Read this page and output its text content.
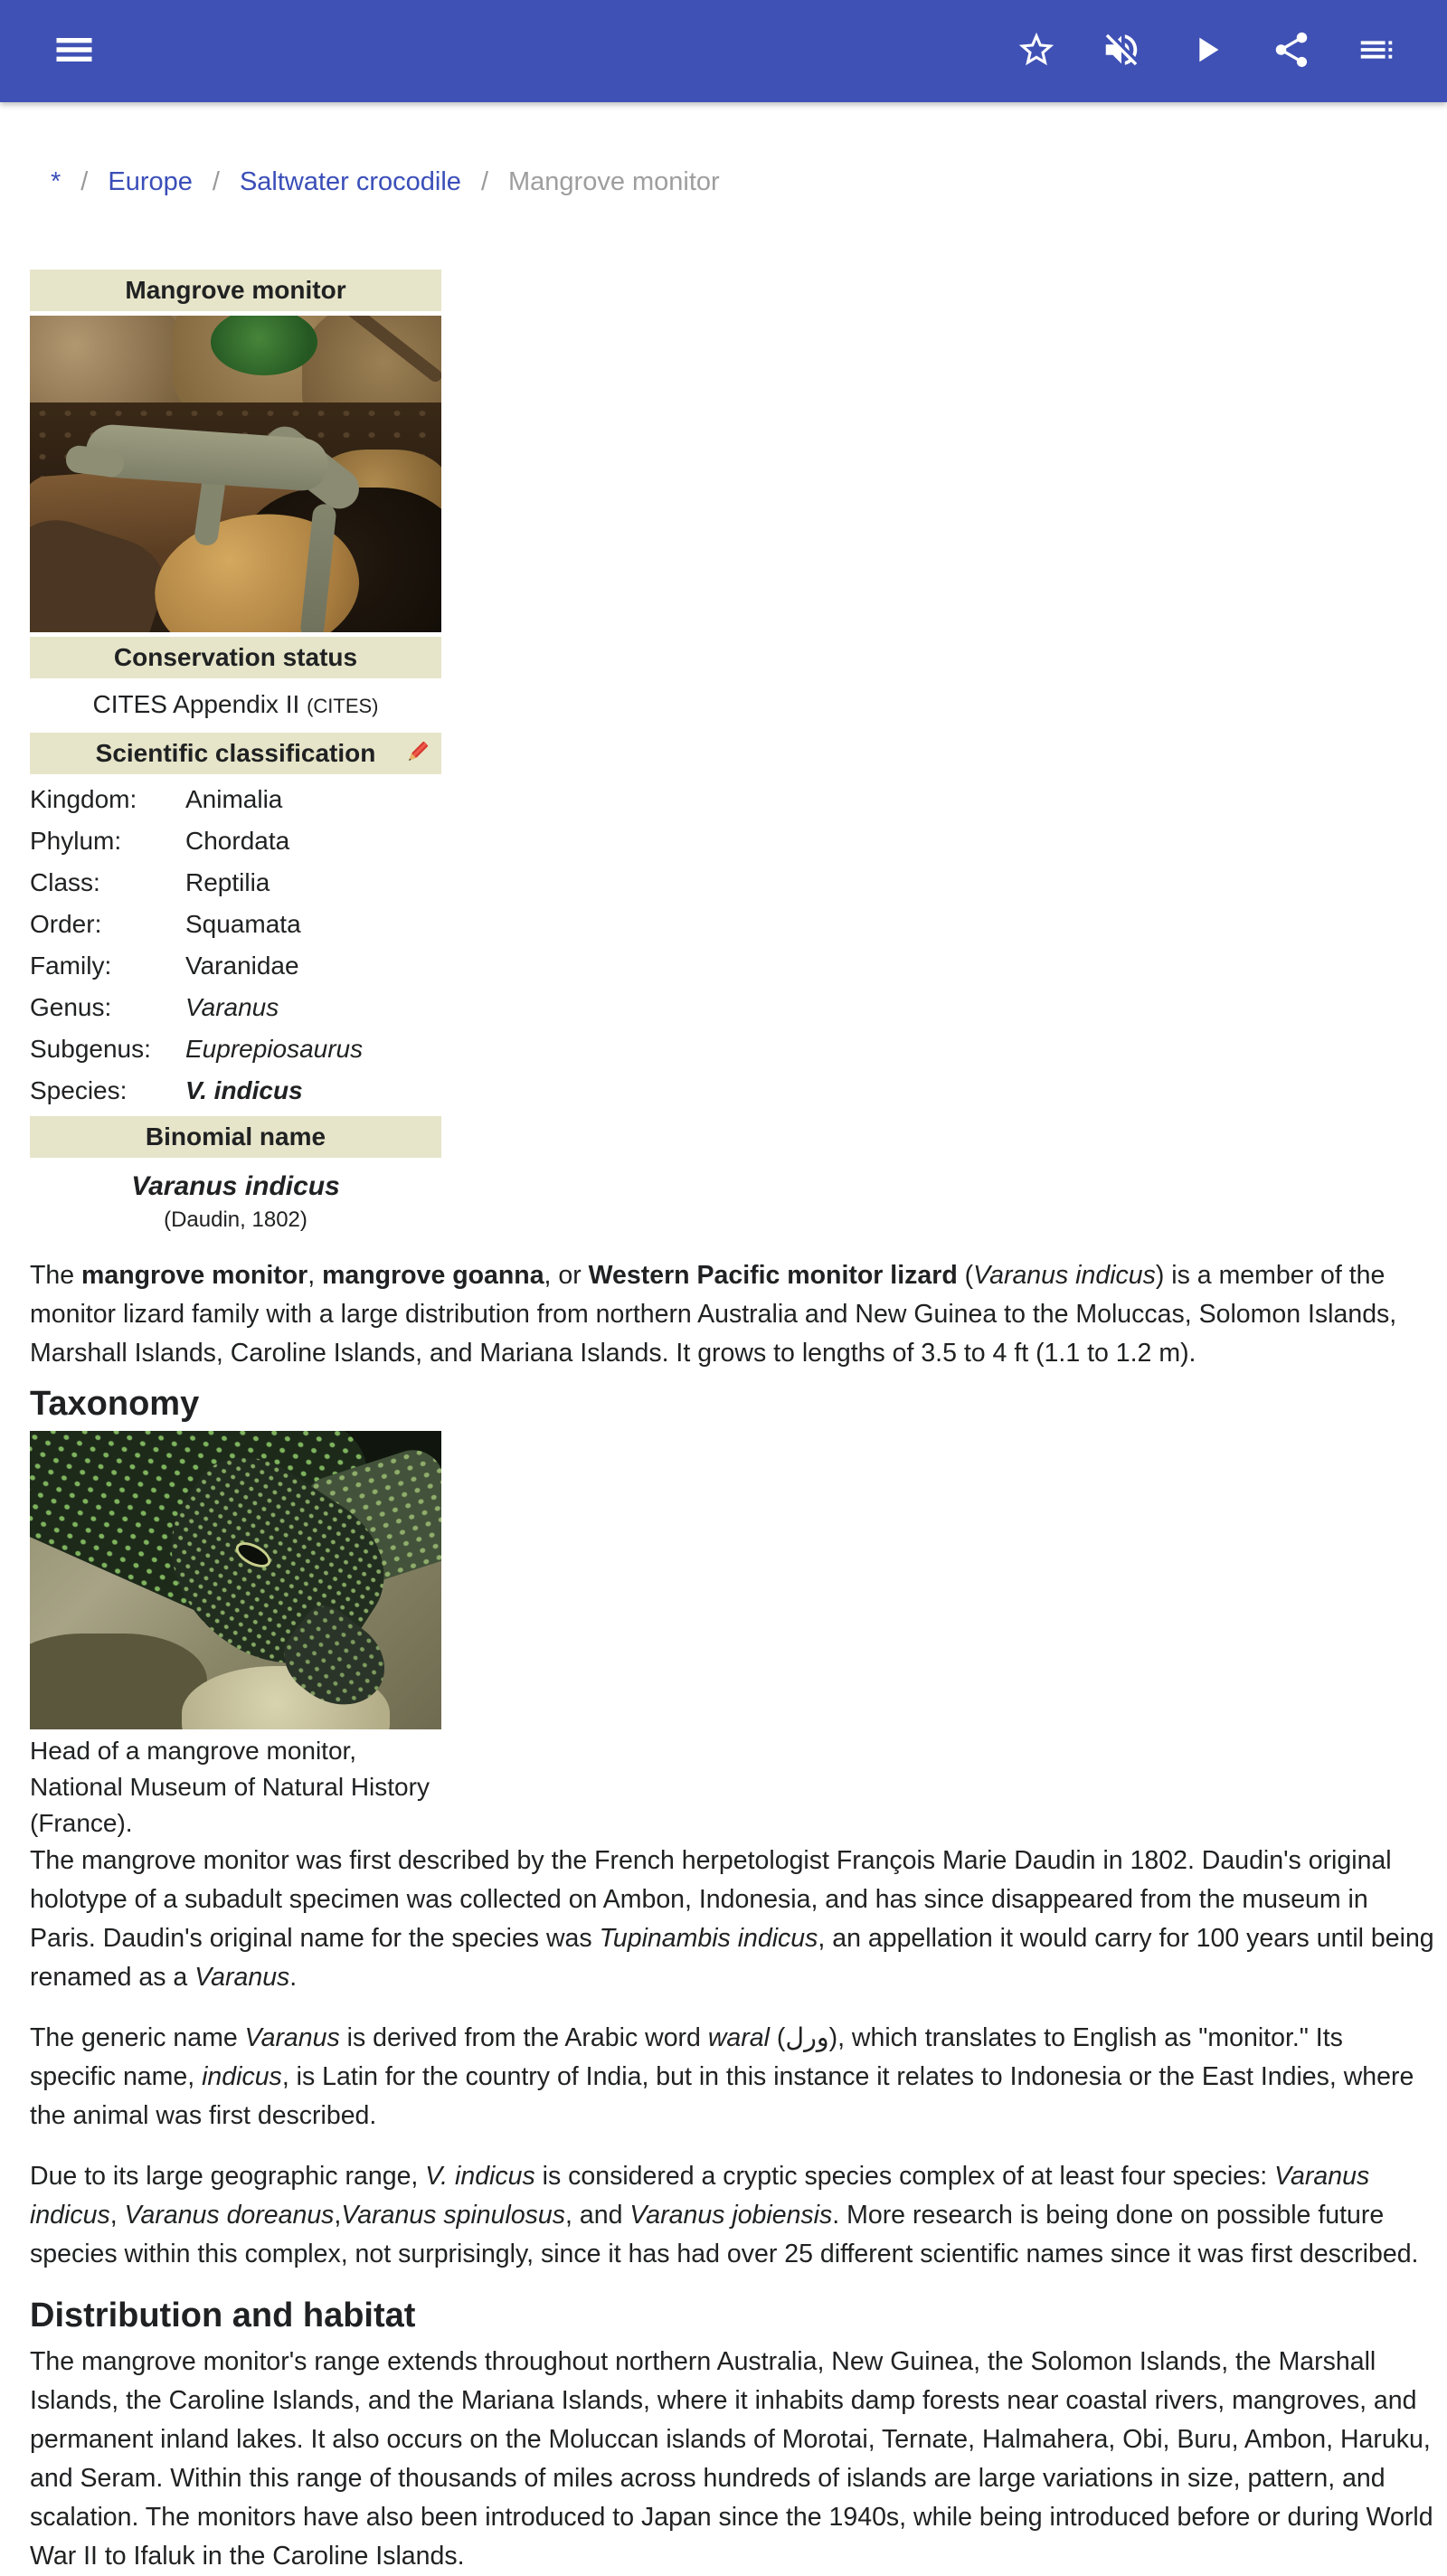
* / Europe / Saltwater crocodile / Mangrove monitor
Mangrove monitor
Conservation status
CITES Appendix II (CITES)
Scientific classification
Kingdom:	Animalia
Phylum:	Chordata
Class:	Reptilia
Order:	Squamata
Family:	Varanidae
Genus:	Varanus
Subgenus:	Euprepiosaurus
Species:	V. indicus
Binomial name
Varanus indicus
(Daudin, 1802)

The mangrove monitor, mangrove goanna, or Western Pacific monitor lizard (Varanus indicus) is a member of the monitor lizard family with a large distribution from northern Australia and New Guinea to the Moluccas, Solomon Islands, Marshall Islands, Caroline Islands, and Mariana Islands. It grows to lengths of 3.5 to 4 ft (1.1 to 1.2 m).

Taxonomy
Head of a mangrove monitor, National Museum of Natural History (France).

The mangrove monitor was first described by the French herpetologist François Marie Daudin in 1802. Daudin's original holotype of a subadult specimen was collected on Ambon, Indonesia, and has since disappeared from the museum in Paris. Daudin's original name for the species was Tupinambis indicus, an appellation it would carry for 100 years until being renamed as a Varanus.

The generic name Varanus is derived from the Arabic word waral (ورل), which translates to English as "monitor." Its specific name, indicus, is Latin for the country of India, but in this instance it relates to Indonesia or the East Indies, where the animal was first described.

Due to its large geographic range, V. indicus is considered a cryptic species complex of at least four species: Varanus indicus, Varanus doreanus,Varanus spinulosus, and Varanus jobiensis. More research is being done on possible future species within this complex, not surprisingly, since it has had over 25 different scientific names since it was first described.

Distribution and habitat

The mangrove monitor's range extends throughout northern Australia, New Guinea, the Solomon Islands, the Marshall Islands, the Caroline Islands, and the Mariana Islands, where it inhabits damp forests near coastal rivers, mangroves, and permanent inland lakes. It also occurs on the Moluccan islands of Morotai, Ternate, Halmahera, Obi, Buru, Ambon, Haruku, and Seram. Within this range of thousands of miles across hundreds of islands are large variations in size, pattern, and scalation. The monitors have also been introduced to Japan since the 1940s, while being introduced before or during World War II to Ifaluk in the Caroline Islands.
